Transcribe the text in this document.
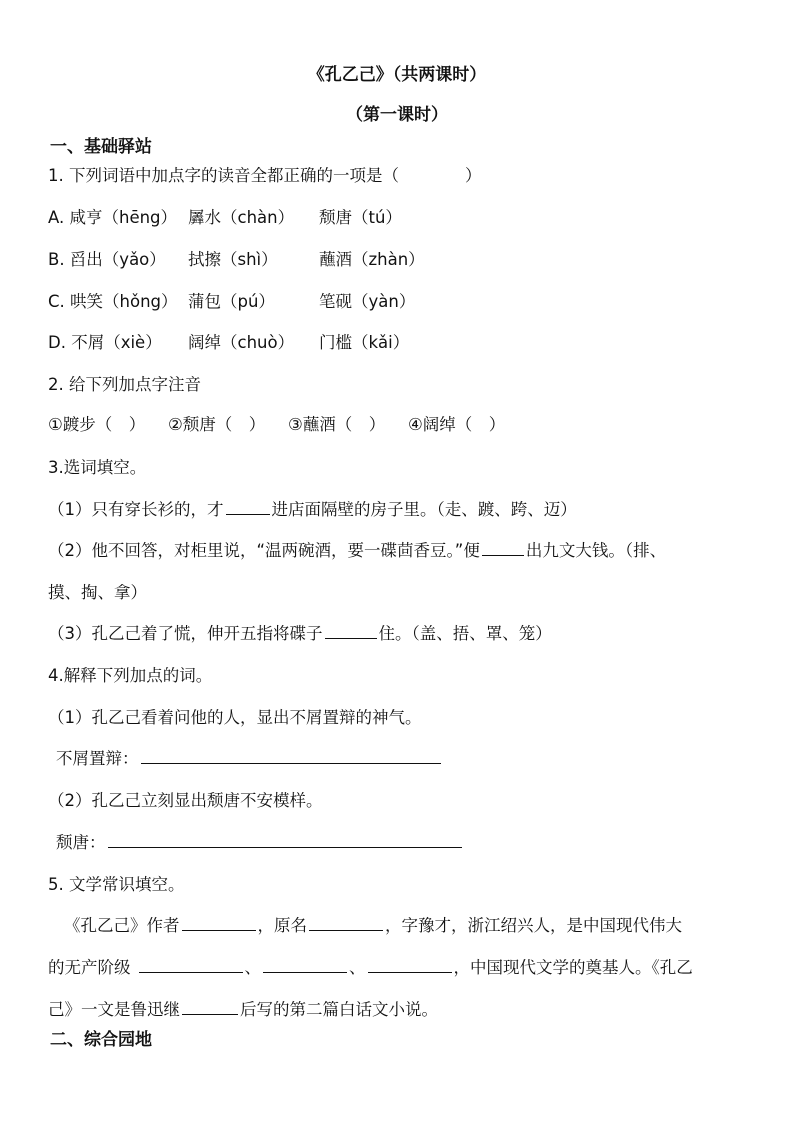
《孔乙己》（共两课时）
（第一课时）
一、基础驿站
1. 下列词语中加点字的读音全都正确的一项是（	）
A. 咸亨（hēng） 羼水（chàn） 颓唐（tú）
B. 舀出（yǎo） 拭擦（shì）	蘸酒（zhàn）
C. 哄笑（hǒng） 蒲包（pú）	笔砚（yàn）
D. 不屑（xiè） 阔绰（chuò） 门槛（kǎi）
2. 给下列加点字注音
①踱步（　） ②颓唐（　） ③蘸酒（　） ④阔绰（　）
3.选词填空。
（1）只有穿长衫的，才	进店面隔壁的房子里。（走、踱、跨、迈）
（2）他不回答，对柜里说，“温两碗酒，要一碟茴香豆。”便	出九文大钱。（排、
摸、掏、拿）
（3）孔乙己着了慌，伸开五指将碟子	住。（盖、捂、罩、笼）
4.解释下列加点的词。
（1）孔乙己看着问他的人，显出不屑置辩的神气。
不屑置辩：
（2）孔乙己立刻显出颓唐不安模样。
颓唐：
5. 文学常识填空。
《孔乙己》作者	，原名	，字豫才，浙江绍兴人，是中国现代伟大
的无产阶级	、	、	，中国现代文学的奠基人。《孔乙
己》一文是鲁迅继	后写的第二篇白话文小说。
二、综合园地
